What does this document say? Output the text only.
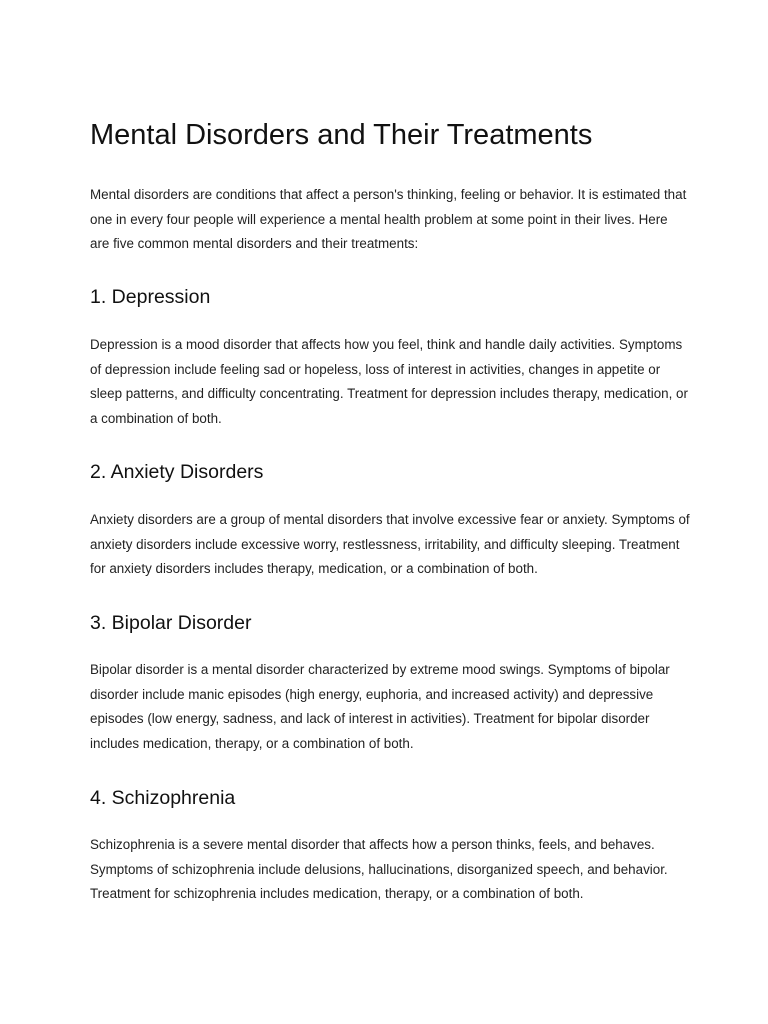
Mental Disorders and Their Treatments

Mental disorders are conditions that affect a person's thinking, feeling or behavior. It is estimated that one in every four people will experience a mental health problem at some point in their lives. Here are five common mental disorders and their treatments:

1. Depression

Depression is a mood disorder that affects how you feel, think and handle daily activities. Symptoms of depression include feeling sad or hopeless, loss of interest in activities, changes in appetite or sleep patterns, and difficulty concentrating. Treatment for depression includes therapy, medication, or a combination of both.

2. Anxiety Disorders

Anxiety disorders are a group of mental disorders that involve excessive fear or anxiety. Symptoms of anxiety disorders include excessive worry, restlessness, irritability, and difficulty sleeping. Treatment for anxiety disorders includes therapy, medication, or a combination of both.

3. Bipolar Disorder

Bipolar disorder is a mental disorder characterized by extreme mood swings. Symptoms of bipolar disorder include manic episodes (high energy, euphoria, and increased activity) and depressive episodes (low energy, sadness, and lack of interest in activities). Treatment for bipolar disorder includes medication, therapy, or a combination of both.

4. Schizophrenia

Schizophrenia is a severe mental disorder that affects how a person thinks, feels, and behaves. Symptoms of schizophrenia include delusions, hallucinations, disorganized speech, and behavior. Treatment for schizophrenia includes medication, therapy, or a combination of both.
